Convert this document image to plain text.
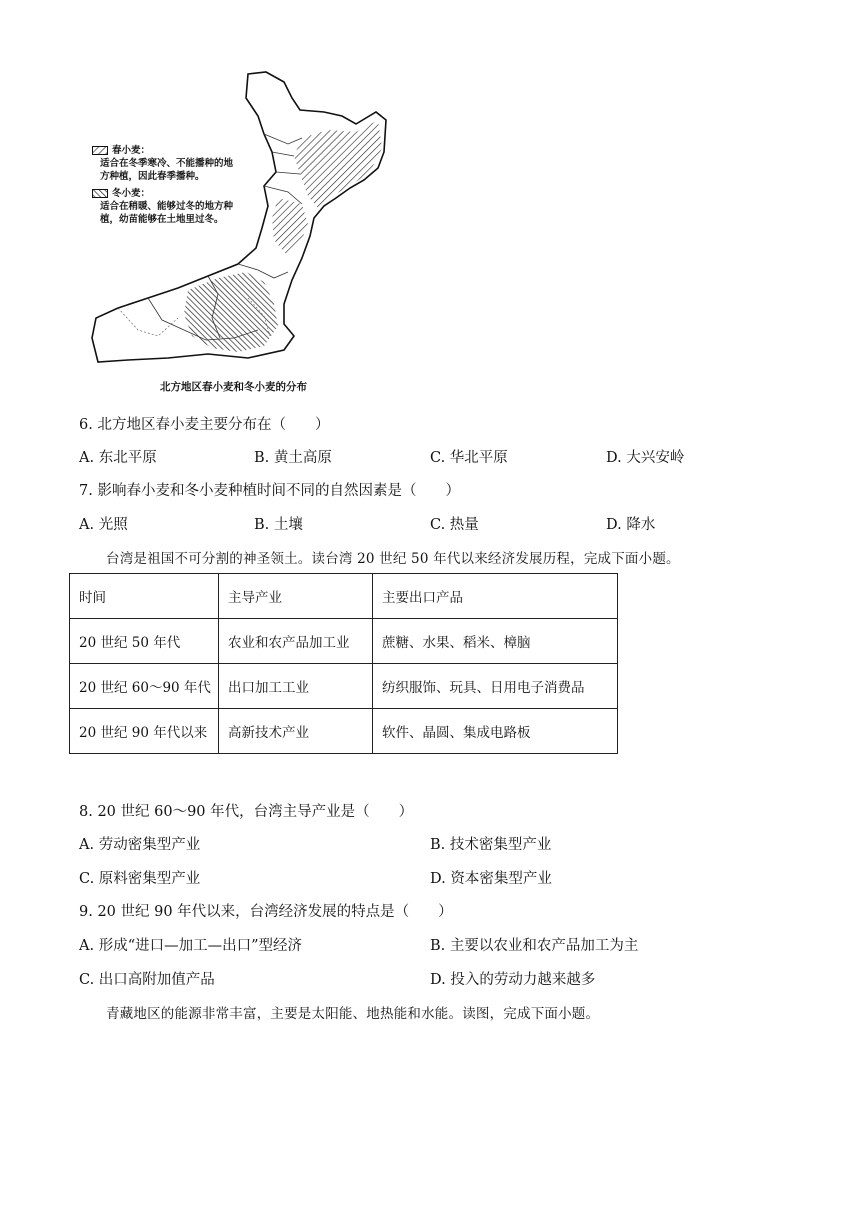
春小麦：
适合在冬季寒冷、不能播种的地
方种植，因此春季播种。
冬小麦：
适合在稍暖、能够过冬的地方种
植，幼苗能够在土地里过冬。
北方地区春小麦和冬小麦的分布
6. 北方地区春小麦主要分布在（　　）
A. 东北平原	B. 黄土高原	C. 华北平原	D. 大兴安岭
7. 影响春小麦和冬小麦种植时间不同的自然因素是（　　）
A. 光照	B. 土壤	C. 热量	D. 降水
台湾是祖国不可分割的神圣领土。读台湾 20 世纪 50 年代以来经济发展历程，完成下面小题。
时间	主导产业	主要出口产品
20 世纪 50 年代	农业和农产品加工业	蔗糖、水果、稻米、樟脑
20 世纪 60～90 年代	出口加工工业	纺织服饰、玩具、日用电子消费品
20 世纪 90 年代以来	高新技术产业	软件、晶圆、集成电路板
8. 20 世纪 60～90 年代，台湾主导产业是（　　）
A. 劳动密集型产业	B. 技术密集型产业
C. 原料密集型产业	D. 资本密集型产业
9. 20 世纪 90 年代以来，台湾经济发展的特点是（　　）
A. 形成“进口—加工—出口”型经济	B. 主要以农业和农产品加工为主
C. 出口高附加值产品	D. 投入的劳动力越来越多
青藏地区的能源非常丰富，主要是太阳能、地热能和水能。读图，完成下面小题。
